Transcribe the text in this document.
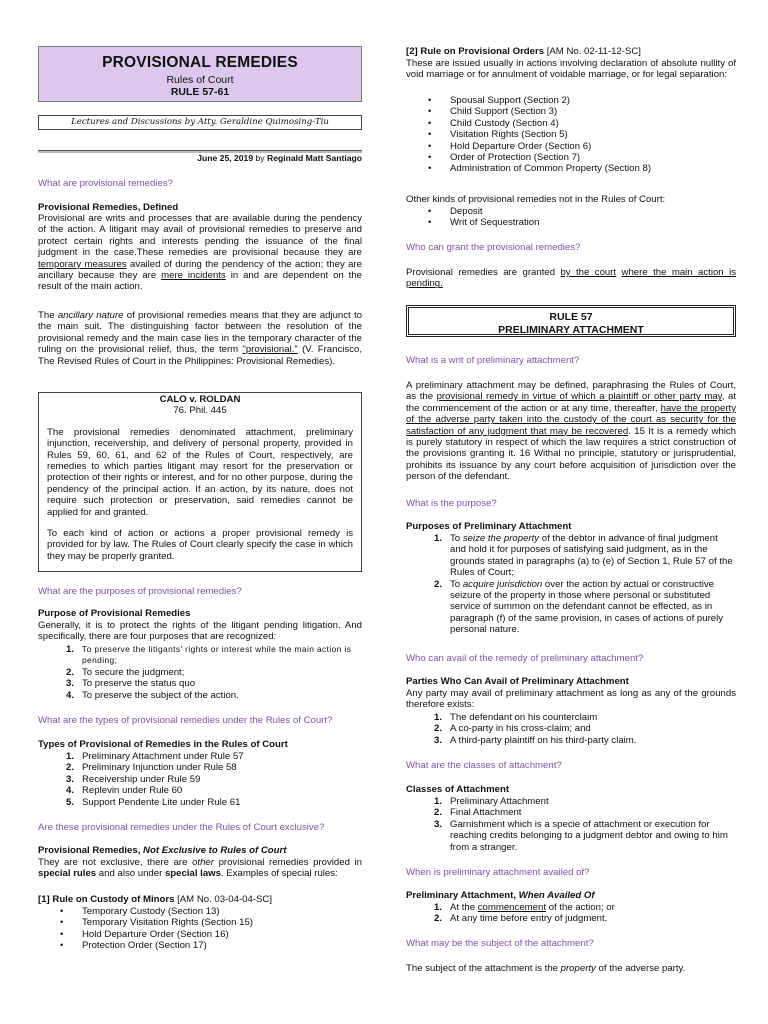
PROVISIONAL REMEDIES
Rules of Court
RULE 57-61
Lectures and Discussions by Atty. Geraldine Quimosing-Tiu
June 25, 2019 by Reginald Matt Santiago

What are provisional remedies?

Provisional Remedies, Defined

Provisional are writs and processes that are available during the pendency of the action. A litigant may avail of provisional remedies to preserve and protect certain rights and interests pending the issuance of the final judgment in the case.These remedies are provisional because they are temporary measures availed of during the pendency of the action; they are ancillary because they are mere incidents in and are dependent on the result of the main action.

The ancillary nature of provisional remedies means that they are adjunct to the main suit. The distinguishing factor between the resolution of the provisional remedy and the main case lies in the temporary character of the ruling on the provisional relief, thus, the term "provisional." (V. Francisco, The Revised Rules of Court in the Philippines: Provisional Remedies).

CALO v. ROLDAN

76. Phil. 445

The provisional remedies denominated attachment, preliminary injunction, receivership, and delivery of personal property, provided in Rules 59, 60, 61, and 62 of the Rules of Court, respectively, are remedies to which parties litigant may resort for the preservation or protection of their rights or interest, and for no other purpose, during the pendency of the principal action. If an action, by its nature, does not require such protection or preservation, said remedies cannot be applied for and granted.

To each kind of action or actions a proper provisional remedy is provided for by law. The Rules of Court clearly specify the case in which they may be properly granted.

What are the purposes of provisional remedies?

Purpose of Provisional Remedies

Generally, it is to protect the rights of the litigant pending litigation. And specifically, there are four purposes that are recognized:

1. To preserve the litigants' rights or interest while the main action is pending;
2. To secure the judgment;
3. To preserve the status quo
4. To preserve the subject of the action.

What are the types of provisional remedies under the Rules of Court?

Types of Provisional of Remedies in the Rules of Court

1. Preliminary Attachment under Rule 57
2. Preliminary Injunction under Rule 58
3. Receivership under Rule 59
4. Replevin under Rule 60
5. Support Pendente Lite under Rule 61

Are these provisional remedies under the Rules of Court exclusive?

Provisional Remedies, Not Exclusive to Rules of Court

They are not exclusive, there are other provisional remedies provided in special rules and also under special laws. Examples of special rules:

[1] Rule on Custody of Minors [AM No. 03-04-04-SC]

• Temporary Custody (Section 13)
• Temporary Visitation Rights (Section 15)
• Hold Departure Order (Section 16)
• Protection Order (Section 17)

[2] Rule on Provisional Orders [AM No. 02-11-12-SC]

These are issued usually in actions involving declaration of absolute nullity of void marriage or for annulment of voidable marriage, or for legal separation:

• Spousal Support (Section 2)
• Child Support (Section 3)
• Child Custody (Section 4)
• Visitation Rights (Section 5)
• Hold Departure Order (Section 6)
• Order of Protection (Section 7)
• Administration of Common Property (Section 8)

Other kinds of provisional remedies not in the Rules of Court:

• Deposit
• Writ of Sequestration

Who can grant the provisional remedies?

Provisional remedies are granted by the court where the main action is pending.

RULE 57
PRELIMINARY ATTACHMENT

What is a writ of preliminary attachment?

A preliminary attachment may be defined, paraphrasing the Rules of Court, as the provisional remedy in virtue of which a plaintiff or other party may, at the commencement of the action or at any time, thereafter, have the property of the adverse party taken into the custody of the court as security for the satisfaction of any judgment that may be recovered. 15 It is a remedy which is purely statutory in respect of which the law requires a strict construction of the provisions granting it. 16 Withal no principle, statutory or jurisprudential, prohibits its issuance by any court before acquisition of jurisdiction over the person of the defendant.

What is the purpose?

Purposes of Preliminary Attachment

1. To seize the property of the debtor in advance of final judgment and hold it for purposes of satisfying said judgment, as in the grounds stated in paragraphs (a) to (e) of Section 1, Rule 57 of the Rules of Court;
2. To acquire jurisdiction over the action by actual or constructive seizure of the property in those where personal or substituted service of summon on the defendant cannot be effected, as in paragraph (f) of the same provision, in cases of actions of purely personal nature.

Who can avail of the remedy of preliminary attachment?

Parties Who Can Avail of Preliminary Attachment

Any party may avail of preliminary attachment as long as any of the grounds therefore exists:

1. The defendant on his counterclaim
2. A co-party in his cross-claim; and
3. A third-party plaintiff on his third-party claim.

What are the classes of attachment?

Classes of Attachment

1. Preliminary Attachment
2. Final Attachment
3. Garnishment which is a specie of attachment or execution for reaching credits belonging to a judgment debtor and owing to him from a stranger.

When is preliminary attachment availed of?

Preliminary Attachment, When Availed Of

1. At the commencement of the action; or
2. At any time before entry of judgment.

What may be the subject of the attachment?

The subject of the attachment is the property of the adverse party.
